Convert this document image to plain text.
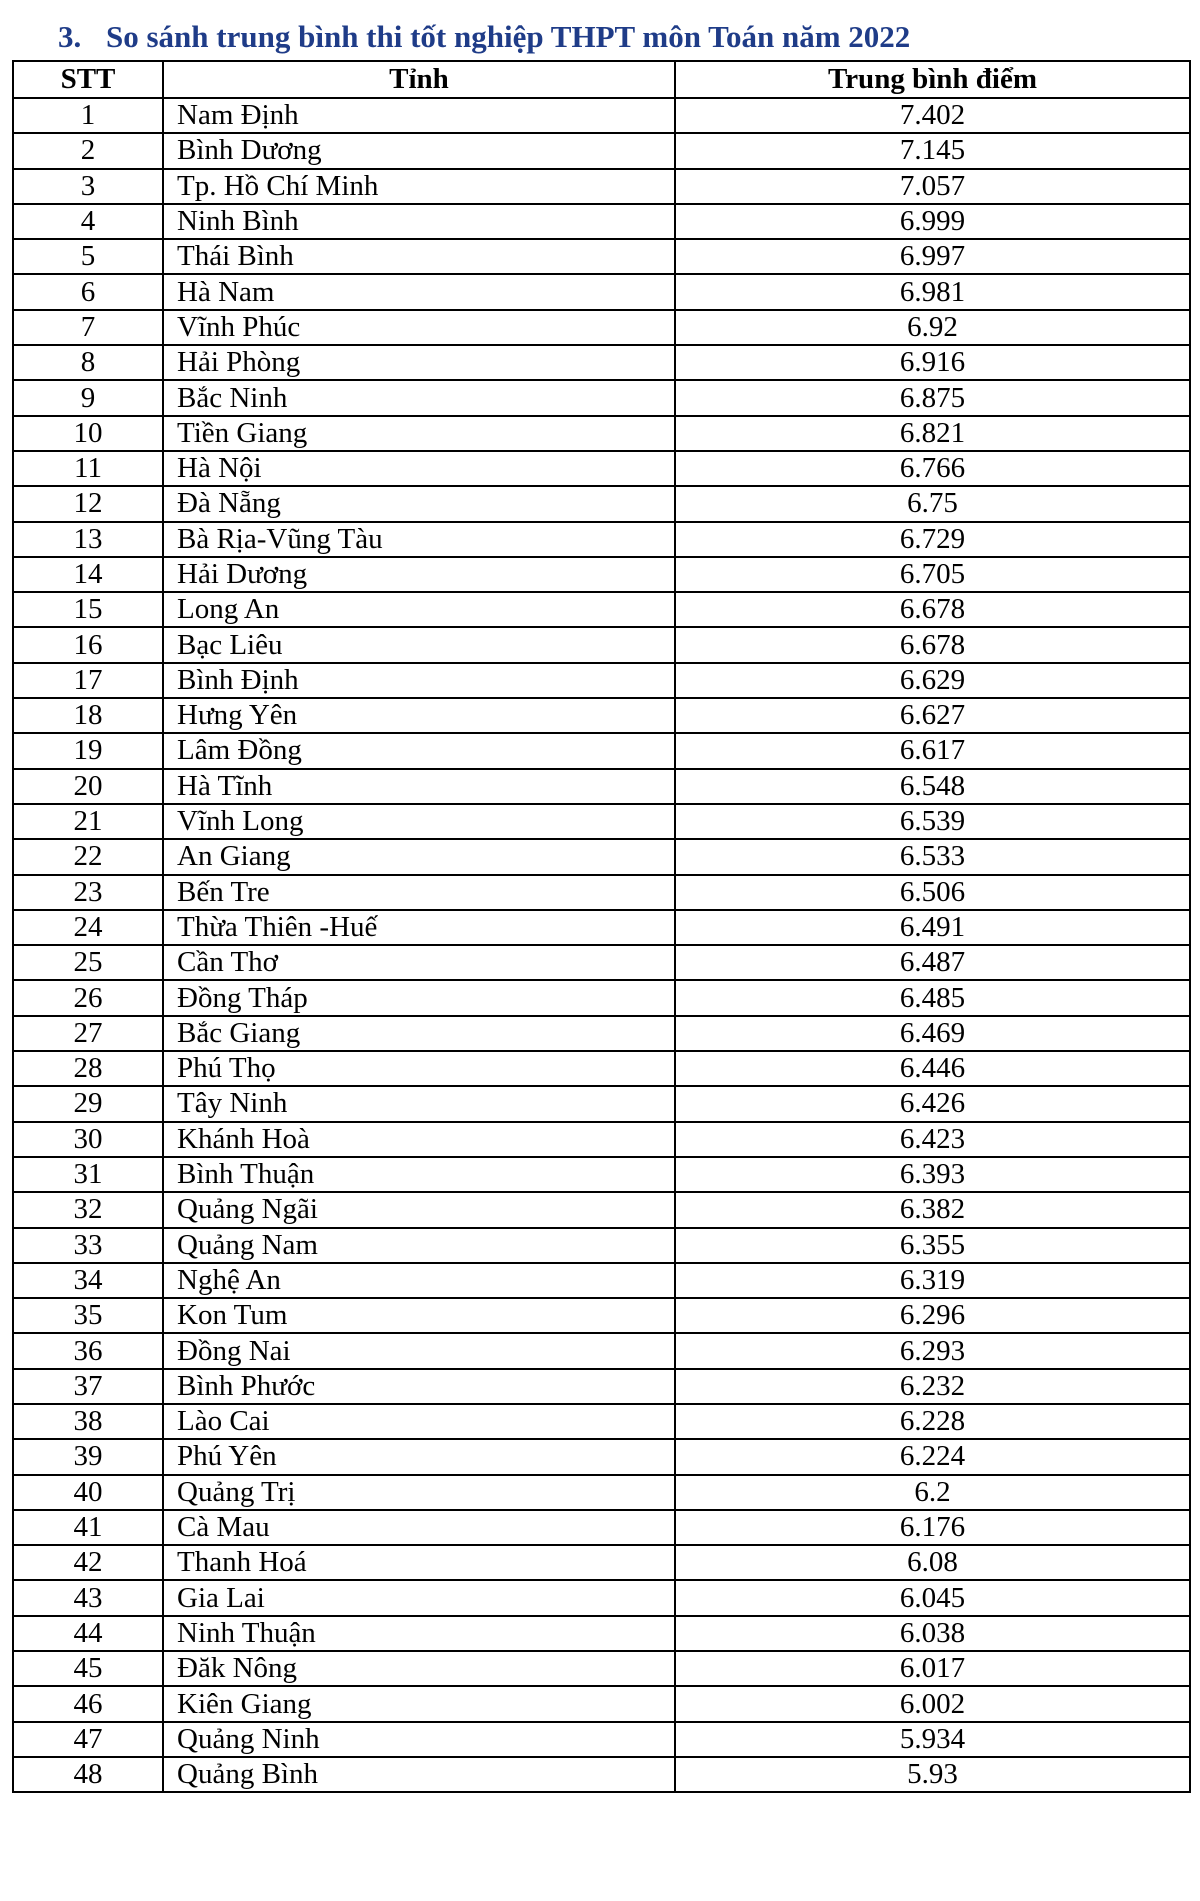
3. So sánh trung bình thi tốt nghiệp THPT môn Toán năm 2022
STT	Tỉnh	Trung bình điểm
1	Nam Định	7.402
2	Bình Dương	7.145
3	Tp. Hồ Chí Minh	7.057
4	Ninh Bình	6.999
5	Thái Bình	6.997
6	Hà Nam	6.981
7	Vĩnh Phúc	6.92
8	Hải Phòng	6.916
9	Bắc Ninh	6.875
10	Tiền Giang	6.821
11	Hà Nội	6.766
12	Đà Nẵng	6.75
13	Bà Rịa-Vũng Tàu	6.729
14	Hải Dương	6.705
15	Long An	6.678
16	Bạc Liêu	6.678
17	Bình Định	6.629
18	Hưng Yên	6.627
19	Lâm Đồng	6.617
20	Hà Tĩnh	6.548
21	Vĩnh Long	6.539
22	An Giang	6.533
23	Bến Tre	6.506
24	Thừa Thiên -Huế	6.491
25	Cần Thơ	6.487
26	Đồng Tháp	6.485
27	Bắc Giang	6.469
28	Phú Thọ	6.446
29	Tây Ninh	6.426
30	Khánh Hoà	6.423
31	Bình Thuận	6.393
32	Quảng Ngãi	6.382
33	Quảng Nam	6.355
34	Nghệ An	6.319
35	Kon Tum	6.296
36	Đồng Nai	6.293
37	Bình Phước	6.232
38	Lào Cai	6.228
39	Phú Yên	6.224
40	Quảng Trị	6.2
41	Cà Mau	6.176
42	Thanh Hoá	6.08
43	Gia Lai	6.045
44	Ninh Thuận	6.038
45	Đăk Nông	6.017
46	Kiên Giang	6.002
47	Quảng Ninh	5.934
48	Quảng Bình	5.93
